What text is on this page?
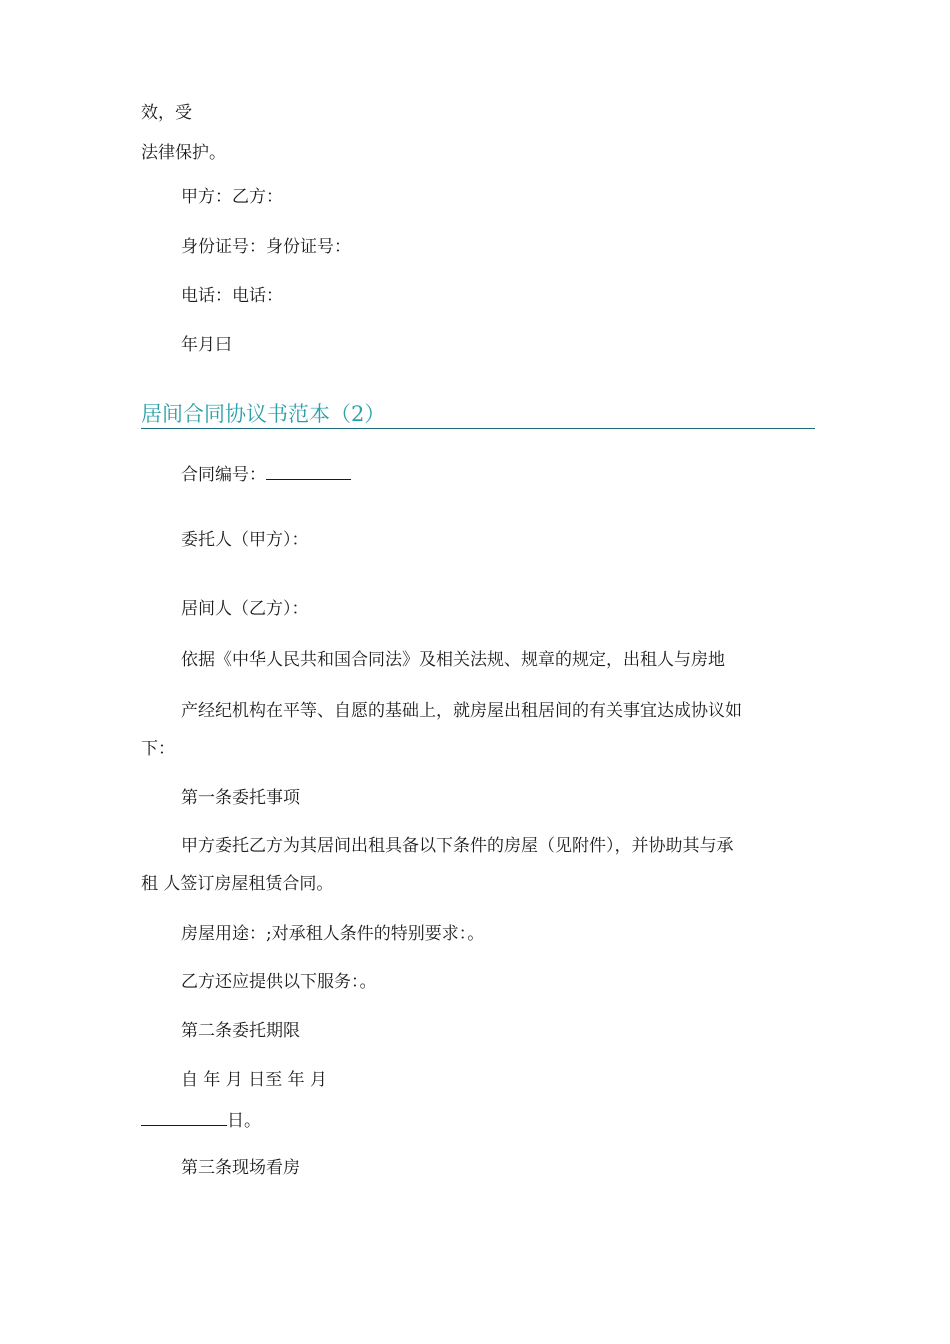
效，受
法律保护。
甲方：乙方：
身份证号：身份证号：
电话：电话：
年月曰
居间合同协议书范本（2）
合同编号：
委托人（甲方）：
居间人（乙方）：
依据《中华人民共和国合同法》及相关法规、规章的规定，出租人与房地
产经纪机构在平等、自愿的基础上，就房屋出租居间的有关事宜达成协议如
下：
第一条委托事项
甲方委托乙方为其居间出租具备以下条件的房屋（见附件），并协助其与承
租 人签订房屋租赁合同。
房屋用途：;对承租人条件的特别要求：。
乙方还应提供以下服务：。
第二条委托期限
自 年 月 日至 年 月
日。
第三条现场看房
